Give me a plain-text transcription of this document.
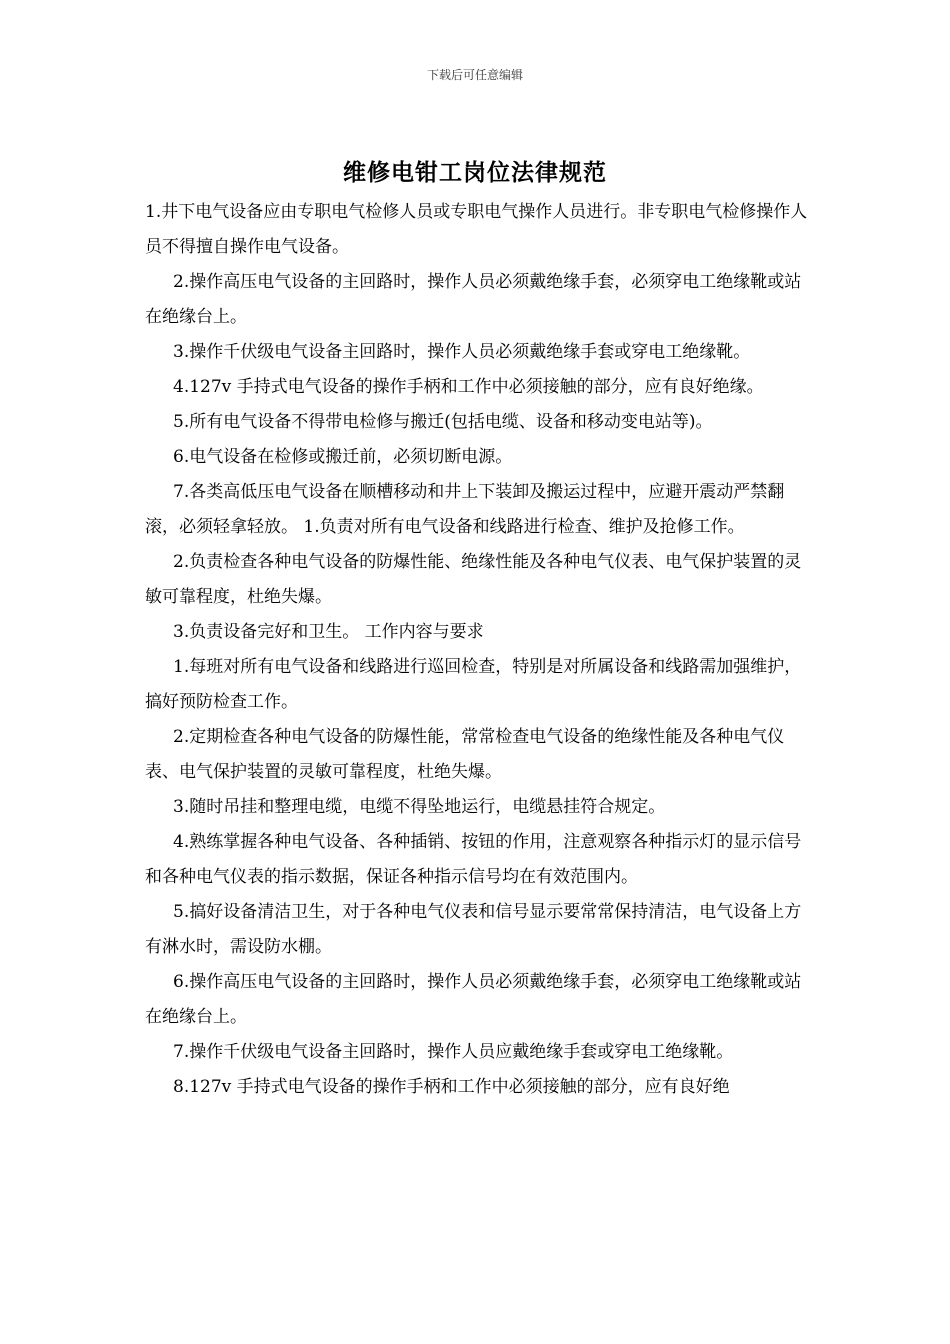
下载后可任意编辑
维修电钳工岗位法律规范

1.井下电气设备应由专职电气检修人员或专职电气操作人员进行。非专职电气检修操作人员不得擅自操作电气设备。

2.操作高压电气设备的主回路时，操作人员必须戴绝缘手套，必须穿电工绝缘靴或站在绝缘台上。

3.操作千伏级电气设备主回路时，操作人员必须戴绝缘手套或穿电工绝缘靴。

4.127v 手持式电气设备的操作手柄和工作中必须接触的部分，应有良好绝缘。

5.所有电气设备不得带电检修与搬迁(包括电缆、设备和移动变电站等)。

6.电气设备在检修或搬迁前，必须切断电源。

7.各类高低压电气设备在顺槽移动和井上下装卸及搬运过程中，应避开震动严禁翻滚，必须轻拿轻放。 1.负责对所有电气设备和线路进行检查、维护及抢修工作。

2.负责检查各种电气设备的防爆性能、绝缘性能及各种电气仪表、电气保护装置的灵敏可靠程度，杜绝失爆。

3.负责设备完好和卫生。 工作内容与要求

1.每班对所有电气设备和线路进行巡回检查，特别是对所属设备和线路需加强维护，搞好预防检查工作。

2.定期检查各种电气设备的防爆性能，常常检查电气设备的绝缘性能及各种电气仪表、电气保护装置的灵敏可靠程度，杜绝失爆。

3.随时吊挂和整理电缆，电缆不得坠地运行，电缆悬挂符合规定。

4.熟练掌握各种电气设备、各种插销、按钮的作用，注意观察各种指示灯的显示信号和各种电气仪表的指示数据，保证各种指示信号均在有效范围内。

5.搞好设备清洁卫生，对于各种电气仪表和信号显示要常常保持清洁，电气设备上方有淋水时，需设防水棚。

6.操作高压电气设备的主回路时，操作人员必须戴绝缘手套，必须穿电工绝缘靴或站在绝缘台上。

7.操作千伏级电气设备主回路时，操作人员应戴绝缘手套或穿电工绝缘靴。

8.127v 手持式电气设备的操作手柄和工作中必须接触的部分，应有良好绝
